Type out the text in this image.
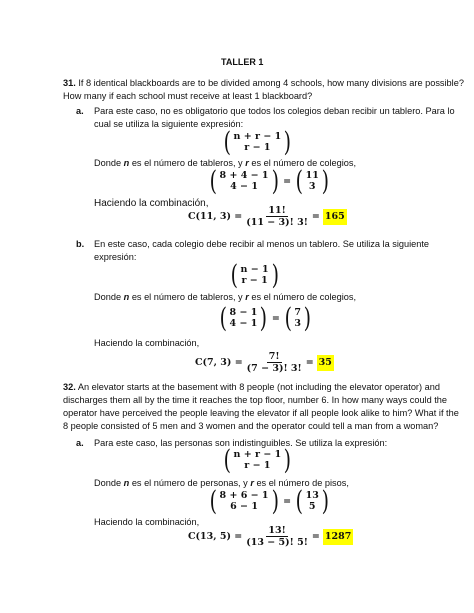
TALLER 1
31. If 8 identical blackboards are to be divided among 4 schools, how many divisions are possible?
How many if each school must receive at least 1 blackboard?
a. Para este caso, no es obligatorio que todos los colegios deban recibir un tablero. Para lo
cual se utiliza la siguiente expresión:
( n + r − 1
r − 1 )
Donde n es el número de tableros, y r es el número de colegios,
( 8 + 4 − 1
4 − 1 ) = ( 11
3 )
Haciendo la combinación,
C(11, $3) = \frac{11!}{(11 - 3)! 3!} = 165$
b. En este caso, cada colegio debe recibir al menos un tablero. Se utiliza la siguiente
expresión:
( n − 1
r − 1 )
Donde n es el número de tableros, y r es el número de colegios,
( 8 − 1
4 − 1 ) = ( 7
3 )
Haciendo la combinación,
C(7, $3) = \frac{7!}{(7 - 3)! 3!} = 35$
32. An elevator starts at the basement with 8 people (not including the elevator operator) and
discharges them all by the time it reaches the top floor, number 6. In how many ways could the
operator have perceived the people leaving the elevator if all people look alike to him? What if the
8 people consisted of 5 men and 3 women and the operator could tell a man from a woman?
a. Para este caso, las personas son indistinguibles. Se utiliza la expresión:
( n + r − 1
r − 1 )
Donde n es el número de personas, y r es el número de pisos,
( 8 + 6 − 1
6 − 1 ) = ( 13
5 )
Haciendo la combinación,
C(13, $5) = \frac{13!}{(13 - 5)! 5!} = 1287$
